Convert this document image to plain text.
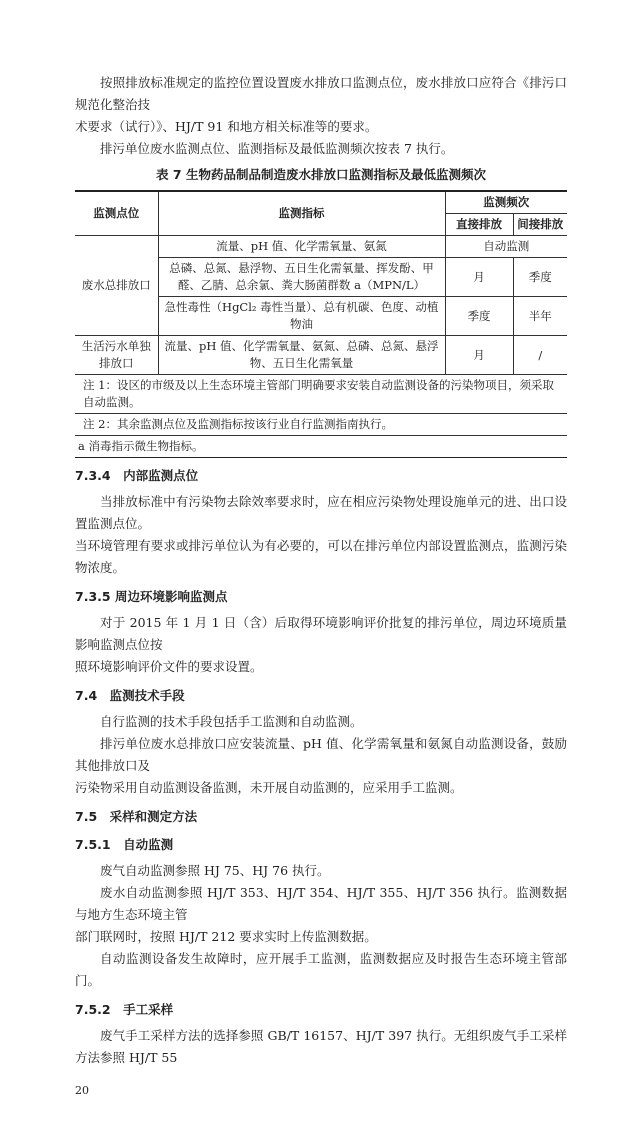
按照排放标准规定的监控位置设置废水排放口监测点位，废水排放口应符合《排污口规范化整治技
术要求（试行）》、HJ/T 91 和地方相关标准等的要求。
排污单位废水监测点位、监测指标及最低监测频次按表 7 执行。
表 7 生物药品制品制造废水排放口监测指标及最低监测频次
监测点位	监测指标	监测频次	
		直接排放	间接排放
废水总排放口	流量、pH 值、化学需氧量、氨氮	自动监测	
	总磷、总氮、悬浮物、五日生化需氧量、挥发酚、甲醛、乙腈、总余氯、粪大肠菌群数 a（MPN/L）	月	季度
	急性毒性（HgCl₂ 毒性当量）、总有机碳、色度、动植物油	季度	半年
生活污水单独排放口	流量、pH 值、化学需氧量、氨氮、总磷、总氮、悬浮物、五日生化需氧量	月	/
注 1：设区的市级及以上生态环境主管部门明确要求安装自动监测设备的污染物项目，须采取自动监测。			
注 2：其余监测点位及监测指标按该行业自行监测指南执行。			
a 消毒指示微生物指标。			
7.3.4　内部监测点位
当排放标准中有污染物去除效率要求时，应在相应污染物处理设施单元的进、出口设置监测点位。
当环境管理有要求或排污单位认为有必要的，可以在排污单位内部设置监测点，监测污染物浓度。
7.3.5 周边环境影响监测点
对于 2015 年 1 月 1 日（含）后取得环境影响评价批复的排污单位，周边环境质量影响监测点位按
照环境影响评价文件的要求设置。
7.4　监测技术手段
自行监测的技术手段包括手工监测和自动监测。
排污单位废水总排放口应安装流量、pH 值、化学需氧量和氨氮自动监测设备，鼓励其他排放口及
污染物采用自动监测设备监测，未开展自动监测的，应采用手工监测。
7.5　采样和测定方法
7.5.1　自动监测
废气自动监测参照 HJ 75、HJ 76 执行。
废水自动监测参照 HJ/T 353、HJ/T 354、HJ/T 355、HJ/T 356 执行。监测数据与地方生态环境主管
部门联网时，按照 HJ/T 212 要求实时上传监测数据。
自动监测设备发生故障时，应开展手工监测，监测数据应及时报告生态环境主管部门。
7.5.2　手工采样
废气手工采样方法的选择参照 GB/T 16157、HJ/T 397 执行。无组织废气手工采样方法参照 HJ/T 55
20
